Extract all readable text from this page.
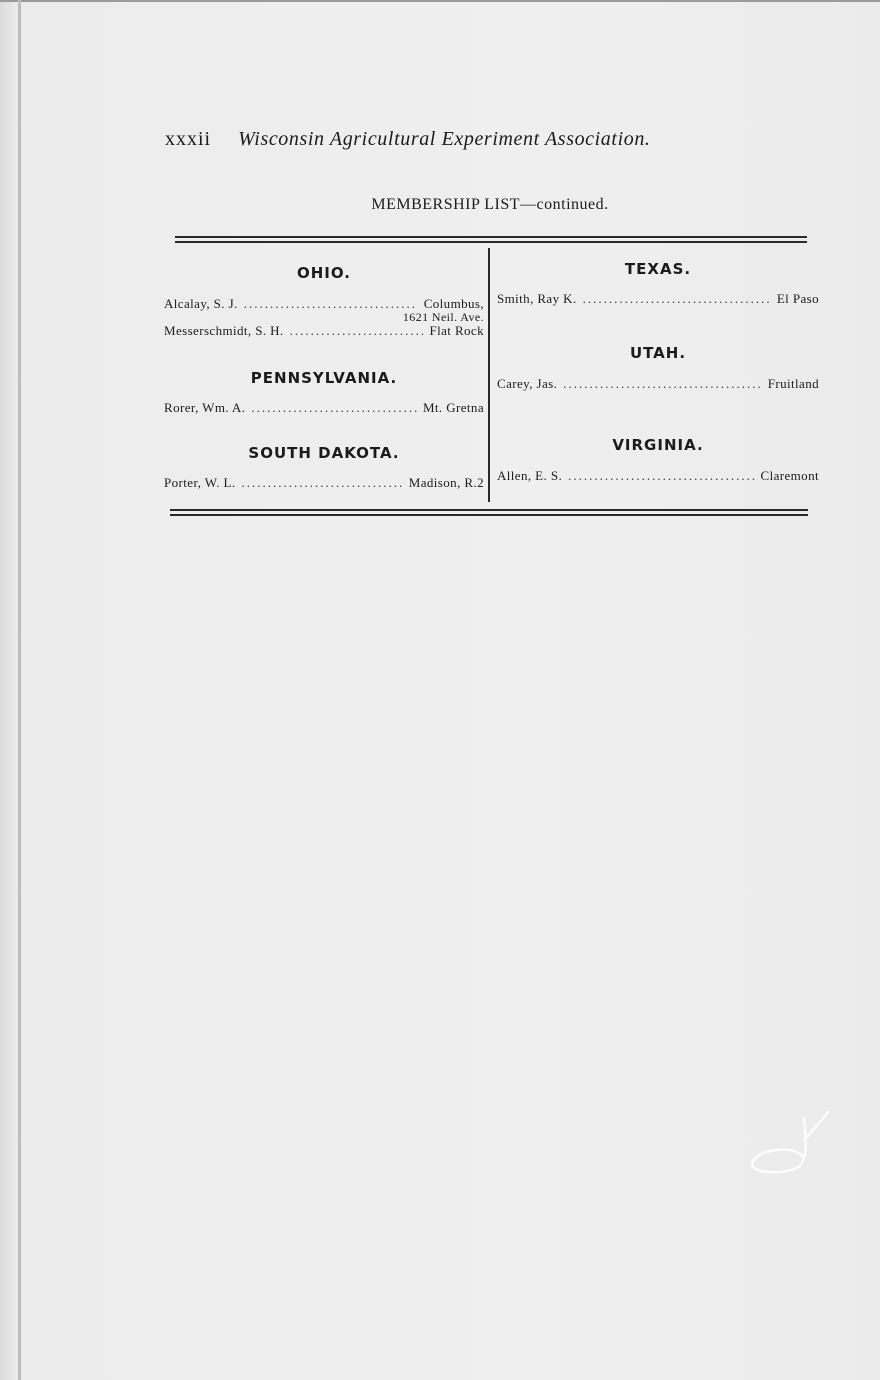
xxxii Wisconsin Agricultural Experiment Association.
MEMBERSHIP LIST—continued.
OHIO.
Alcalay, S. J. .....	Columbus,
1621 Neil. Ave.
Messerschmidt, S. H. .....	Flat Rock
PENNSYLVANIA.
Rorer, Wm. A. .....	Mt. Gretna
SOUTH DAKOTA.
Porter, W. L. .....	Madison, R.2
TEXAS.
Smith, Ray K. .....	El Paso
UTAH.
Carey, Jas. .....	Fruitland
VIRGINIA.
Allen, E. S. .....	Claremont
